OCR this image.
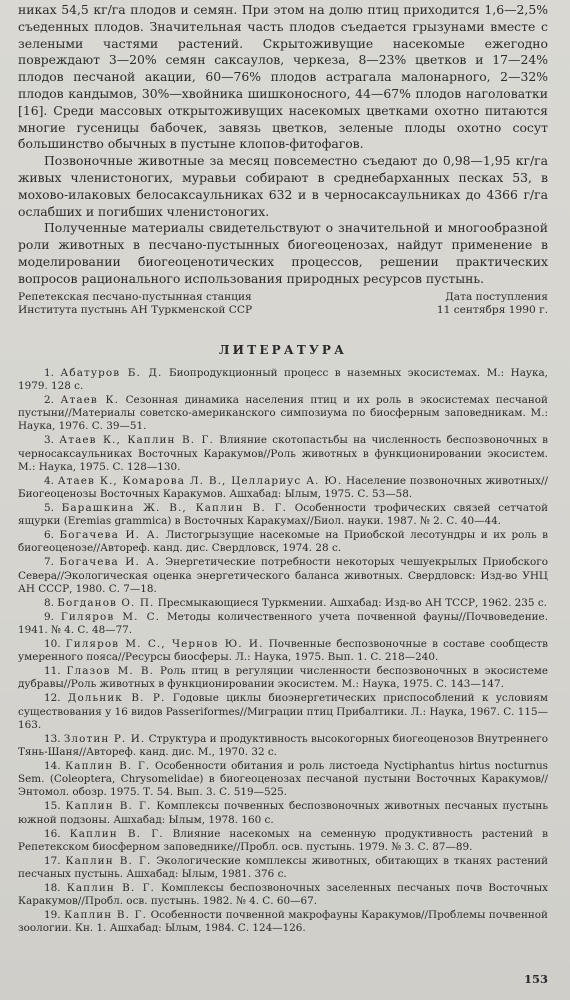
никах 54,5 кг/га плодов и семян. При этом на долю птиц приходится 1,6—2,5% съеденных плодов. Значительная часть плодов съедается грызунами вместе с зелеными частями растений. Скрытоживущие насекомые ежегодно повреждают 3—20% семян саксаулов, черкеза, 8—23% цветков и 17—24% плодов песчаной акации, 60—76% плодов астрагала малонарного, 2—32% плодов кандымов, 30%—хвойника шишконосного, 44—67% плодов наголоватки [16]. Среди массовых открытоживущих насекомых цветками охотно питаются многие гусеницы бабочек, завязь цветков, зеленые плоды охотно сосут большинство обычных в пустыне клопов-фитофагов.

Позвоночные животные за месяц повсеместно съедают до 0,98—1,95 кг/га живых членистоногих, муравьи собирают в среднебарханных песках 53, в мохово-илаковых белосаксаульниках 632 и в черносаксаульниках до 4366 г/га ослабших и погибших членистоногих.

Полученные материалы свидетельствуют о значительной и многообразной роли животных в песчано-пустынных биогеоценозах, найдут применение в моделировании биогеоценотических процессов, решении практических вопросов рационального использования природных ресурсов пустынь.

Репетекская песчано-пустынная станция
Института пустынь АН Туркменской ССР
Дата поступления
11 сентября 1990 г.
ЛИТЕРАТУРА

1. Абатуров Б. Д. Биопродукционный процесс в наземных экосистемах. М.: Наука, 1979. 128 с.

2. Атаев К. Сезонная динамика населения птиц и их роль в экосистемах песчаной пустыни//Материалы советско-американского симпозиума по биосферным заповедникам. М.: Наука, 1976. С. 39—51.

3. Атаев К., Каплин В. Г. Влияние скотопастьбы на численность беспозвоночных в черносаксаульниках Восточных Каракумов//Роль животных в функционировании экосистем. М.: Наука, 1975. С. 128—130.

4. Атаев К., Комарова Л. В., Целлариус А. Ю. Население позвоночных животных//Биогеоценозы Восточных Каракумов. Ашхабад: Ылым, 1975. С. 53—58.

5. Барашкина Ж. В., Каплин В. Г. Особенности трофических связей сетчатой ящурки (Eremias grammica) в Восточных Каракумах//Биол. науки. 1987. № 2. С. 40—44.

6. Богачева И. А. Листогрызущие насекомые на Приобской лесотундры и их роль в биогеоценозе//Автореф. канд. дис. Свердловск, 1974. 28 с.

7. Богачева И. А. Энергетические потребности некоторых чешуекрылых Приобского Севера//Экологическая оценка энергетического баланса животных. Свердловск: Изд-во УНЦ АН СССР, 1980. С. 7—18.

8. Богданов О. П. Пресмыкающиеся Туркмении. Ашхабад: Изд-во АН ТССР, 1962. 235 с.

9. Гиляров М. С. Методы количественного учета почвенной фауны//Почвоведение. 1941. № 4. С. 48—77.

10. Гиляров М. С., Чернов Ю. И. Почвенные беспозвоночные в составе сообществ умеренного пояса//Ресурсы биосферы. Л.: Наука, 1975. Вып. 1. С. 218—240.

11. Глазов М. В. Роль птиц в регуляции численности беспозвоночных в экосистеме дубравы//Роль животных в функционировании экосистем. М.: Наука, 1975. С. 143—147.

12. Дольник В. Р. Годовые циклы биоэнергетических приспособлений к условиям существования у 16 видов Passeriformes//Миграции птиц Прибалтики. Л.: Наука, 1967. С. 115—163.

13. Злотин Р. И. Структура и продуктивность высокогорных биогеоценозов Внутреннего Тянь-Шаня//Автореф. канд. дис. М., 1970. 32 с.

14. Каплин В. Г. Особенности обитания и роль листоеда Nyctiphantus hirtus nocturnus Sem. (Coleoptera, Chrysomelidae) в биогеоценозах песчаной пустыни Восточных Каракумов//Энтомол. обозр. 1975. Т. 54. Вып. 3. С. 519—525.

15. Каплин В. Г. Комплексы почвенных беспозвоночных животных песчаных пустынь южной подзоны. Ашхабад: Ылым, 1978. 160 с.

16. Каплин В. Г. Влияние насекомых на семенную продуктивность растений в Репетекском биосферном заповеднике//Пробл. осв. пустынь. 1979. № 3. С. 87—89.

17. Каплин В. Г. Экологические комплексы животных, обитающих в тканях растений песчаных пустынь. Ашхабад: Ылым, 1981. 376 с.

18. Каплин В. Г. Комплексы беспозвоночных заселенных песчаных почв Восточных Каракумов//Пробл. осв. пустынь. 1982. № 4. С. 60—67.

19. Каплин В. Г. Особенности почвенной макрофауны Каракумов//Проблемы почвенной зоологии. Кн. 1. Ашхабад: Ылым, 1984. С. 124—126.

153
